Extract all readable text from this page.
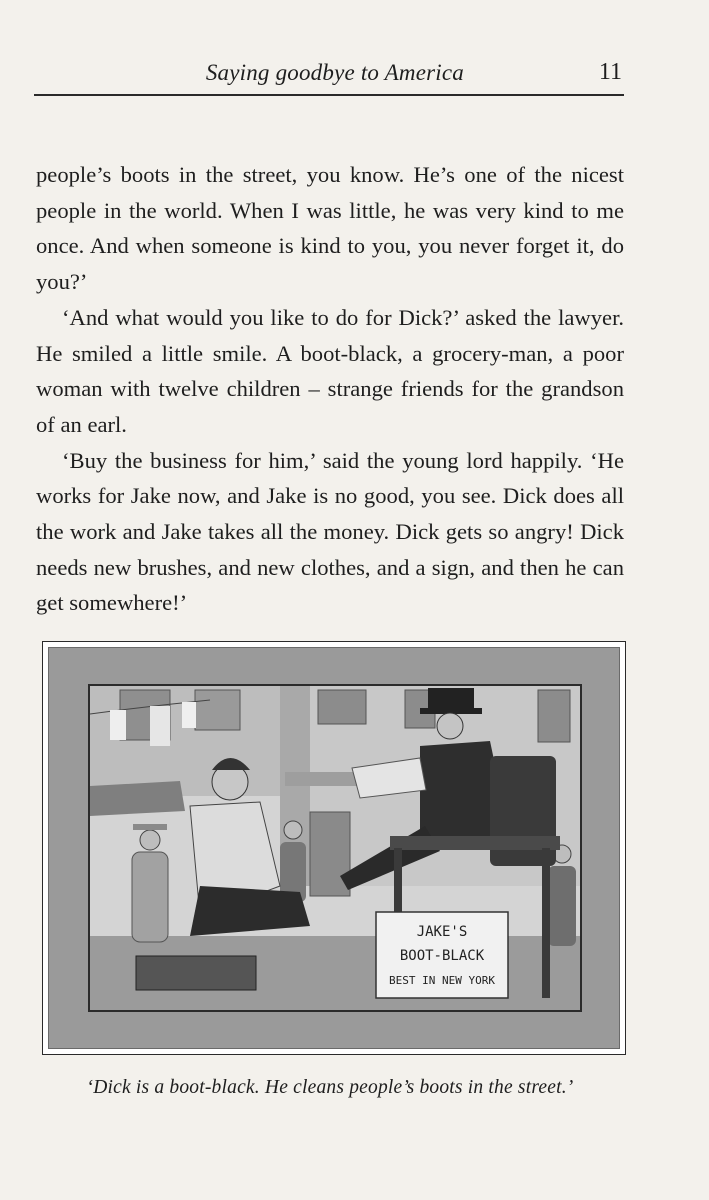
Saying goodbye to America	11

people’s boots in the street, you know. He’s one of the nicest people in the world. When I was little, he was very kind to me once. And when someone is kind to you, you never forget it, do you?’

‘And what would you like to do for Dick?’ asked the lawyer. He smiled a little smile. A boot-black, a grocery-man, a poor woman with twelve children – strange friends for the grandson of an earl.

‘Buy the business for him,’ said the young lord happily. ‘He works for Jake now, and Jake is no good, you see. Dick does all the work and Jake takes all the money. Dick gets so angry! Dick needs new brushes, and new clothes, and a sign, and then he can get somewhere!’

JAKE'S
BOOT-BLACK
BEST IN NEW YORK
‘Dick is a boot-black. He cleans people’s boots in the street.’
